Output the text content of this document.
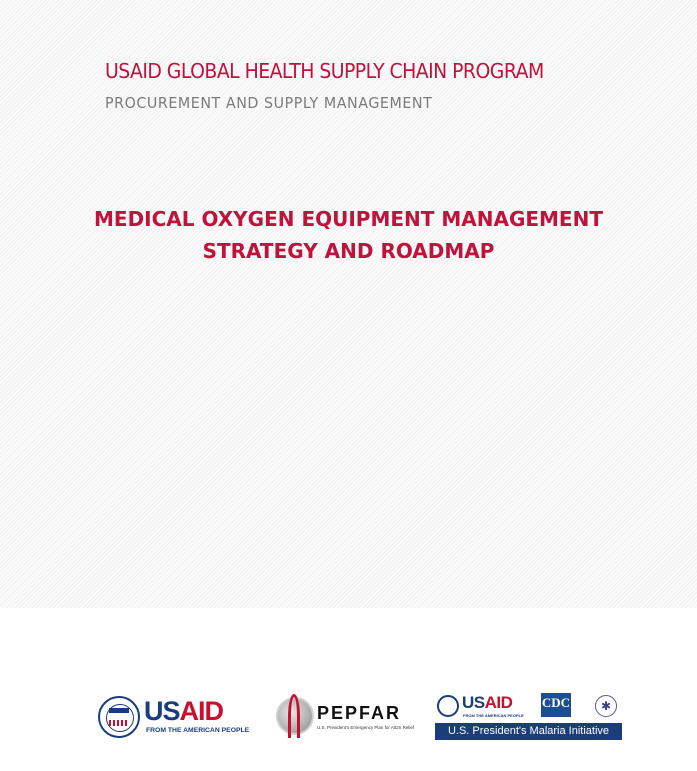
USAID GLOBAL HEALTH SUPPLY CHAIN PROGRAM
PROCUREMENT AND SUPPLY MANAGEMENT
MEDICAL OXYGEN EQUIPMENT MANAGEMENT
STRATEGY AND ROADMAP
USAID
FROM THE AMERICAN PEOPLE
PEPFAR
U.S. President's Emergency Plan for AIDS Relief
USAID
FROM THE AMERICAN PEOPLE
CDC	✱
U.S. President's Malaria Initiative
